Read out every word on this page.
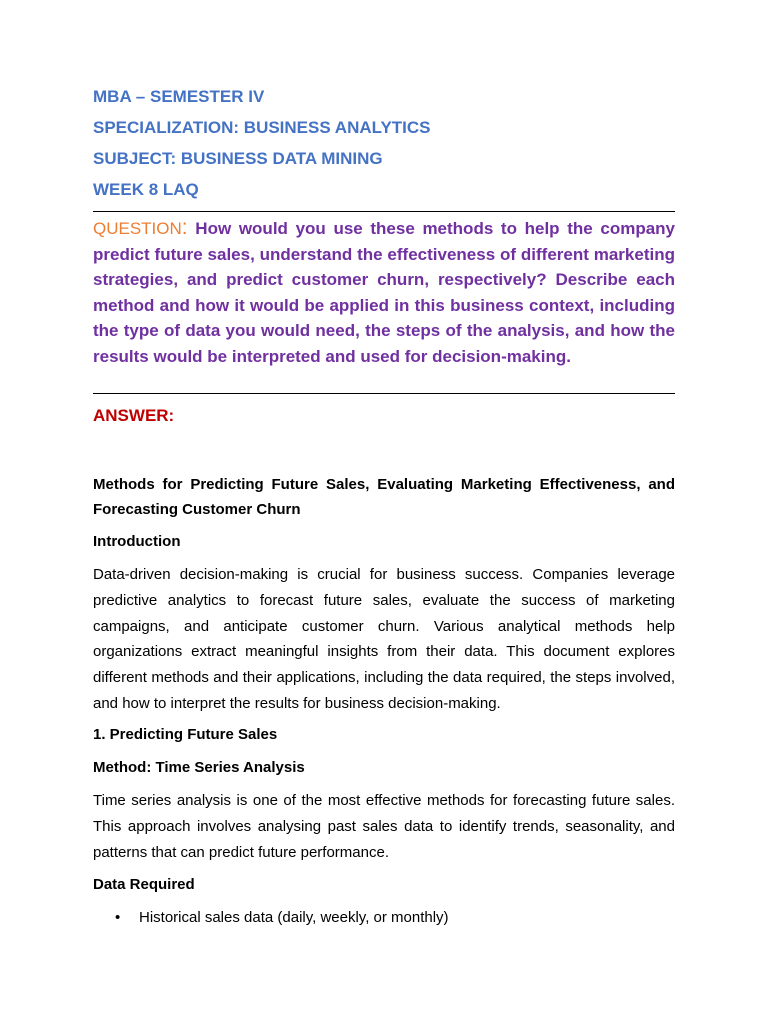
MBA – SEMESTER IV
SPECIALIZATION: BUSINESS ANALYTICS
SUBJECT: BUSINESS DATA MINING
WEEK 8 LAQ
QUESTION: How would you use these methods to help the company predict future sales, understand the effectiveness of different marketing strategies, and predict customer churn, respectively? Describe each method and how it would be applied in this business context, including the type of data you would need, the steps of the analysis, and how the results would be interpreted and used for decision-making.
ANSWER:
Methods for Predicting Future Sales, Evaluating Marketing Effectiveness, and Forecasting Customer Churn
Introduction
Data-driven decision-making is crucial for business success. Companies leverage predictive analytics to forecast future sales, evaluate the success of marketing campaigns, and anticipate customer churn. Various analytical methods help organizations extract meaningful insights from their data. This document explores different methods and their applications, including the data required, the steps involved, and how to interpret the results for business decision-making.
1. Predicting Future Sales
Method: Time Series Analysis
Time series analysis is one of the most effective methods for forecasting future sales. This approach involves analysing past sales data to identify trends, seasonality, and patterns that can predict future performance.
Data Required
• Historical sales data (daily, weekly, or monthly)
